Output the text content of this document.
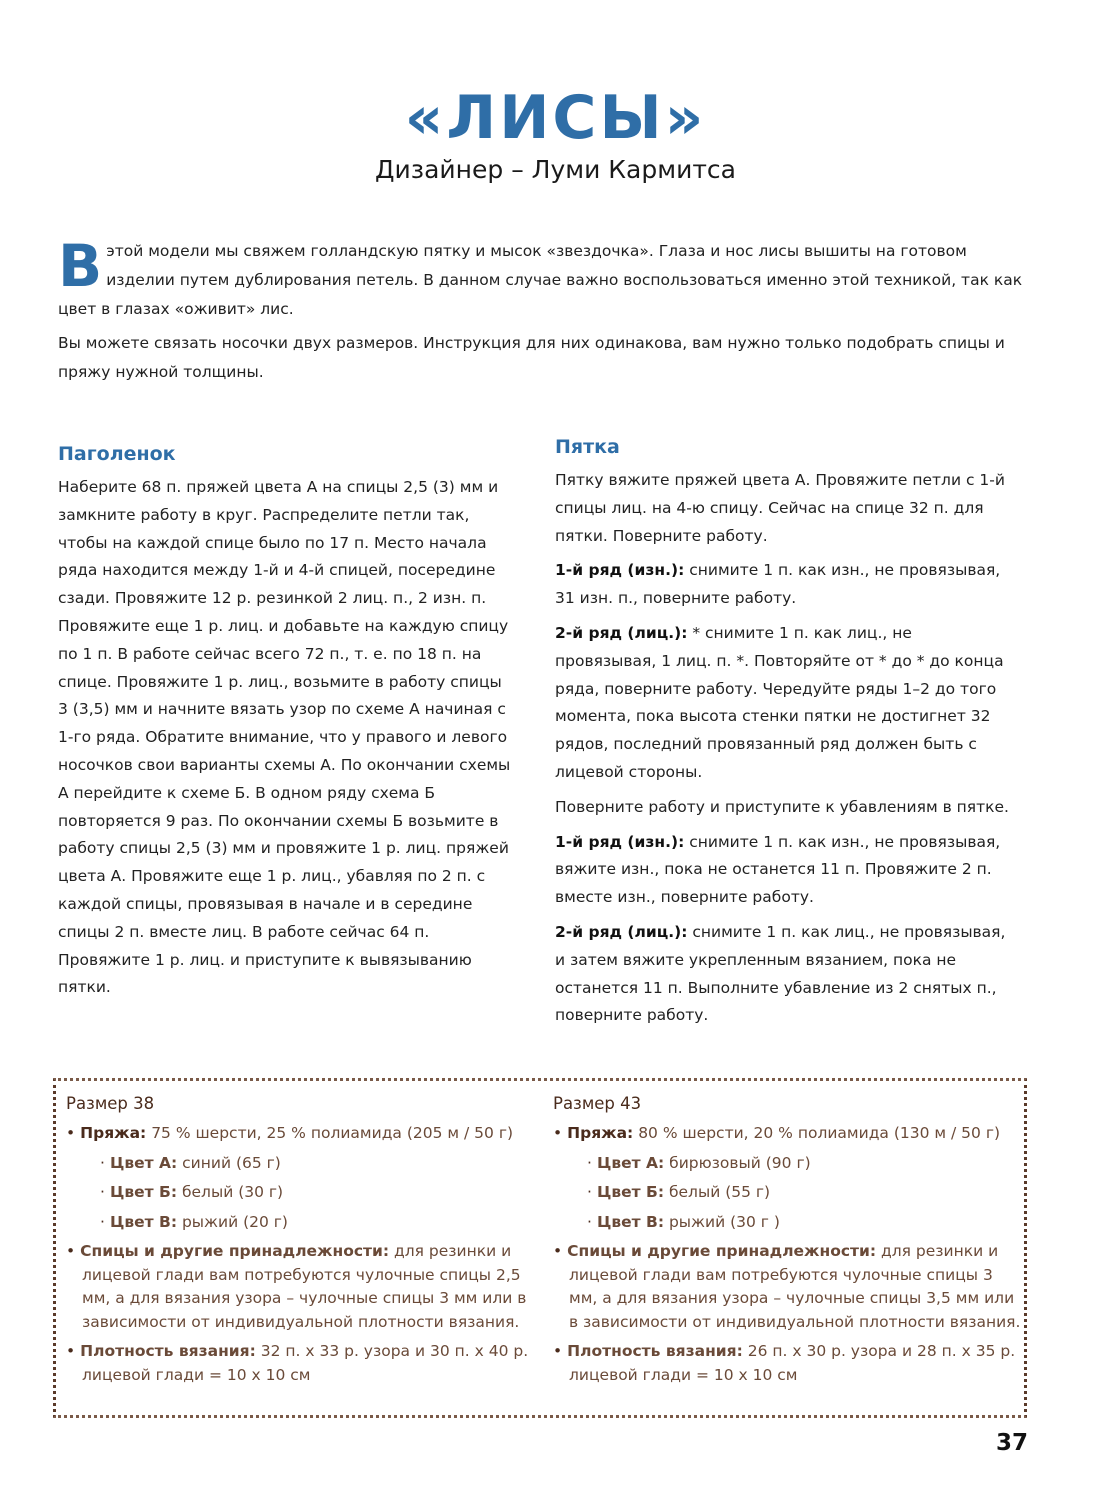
«ЛИСЫ»
Дизайнер – Луми Кармитса

В этой модели мы свяжем голландскую пятку и мысок «звездочка». Глаза и нос лисы вышиты на готовом изделии путем дублирования петель. В данном случае важно воспользоваться именно этой техникой, так как цвет в глазах «оживит» лис.

Вы можете связать носочки двух размеров. Инструкция для них одинакова, вам нужно только подобрать спицы и пряжу нужной толщины.

Паголенок

Наберите 68 п. пряжей цвета А на спицы 2,5 (3) мм и замкните работу в круг. Распределите петли так, чтобы на каждой спице было по 17 п. Место начала ряда находится между 1-й и 4-й спицей, посередине сзади. Провяжите 12 р. резинкой 2 лиц. п., 2 изн. п. Провяжите еще 1 р. лиц. и добавьте на каждую спицу по 1 п. В работе сейчас всего 72 п., т. е. по 18 п. на спице. Провяжите 1 р. лиц., возьмите в работу спицы 3 (3,5) мм и начните вязать узор по схеме А начиная с 1-го ряда. Обратите внимание, что у правого и левого носочков свои варианты схемы А. По окончании схемы А перейдите к схеме Б. В одном ряду схема Б повторяется 9 раз. По окончании схемы Б возьмите в работу спицы 2,5 (3) мм и провяжите 1 р. лиц. пряжей цвета А. Провяжите еще 1 р. лиц., убавляя по 2 п. с каждой спицы, провязывая в начале и в середине спицы 2 п. вместе лиц. В работе сейчас 64 п. Провяжите 1 р. лиц. и приступите к вывязыванию пятки.

Пятка

Пятку вяжите пряжей цвета А. Провяжите петли с 1-й спицы лиц. на 4-ю спицу. Сейчас на спице 32 п. для пятки. Поверните работу.

1-й ряд (изн.): снимите 1 п. как изн., не провязывая, 31 изн. п., поверните работу.

2-й ряд (лиц.): * снимите 1 п. как лиц., не провязывая, 1 лиц. п. *. Повторяйте от * до * до конца ряда, поверните работу. Чередуйте ряды 1–2 до того момента, пока высота стенки пятки не достигнет 32 рядов, последний провязанный ряд должен быть с лицевой стороны.

Поверните работу и приступите к убавлениям в пятке.

1-й ряд (изн.): снимите 1 п. как изн., не провязывая, вяжите изн., пока не останется 11 п. Провяжите 2 п. вместе изн., поверните работу.

2-й ряд (лиц.): снимите 1 п. как лиц., не провязывая, и затем вяжите укрепленным вязанием, пока не останется 11 п. Выполните убавление из 2 снятых п., поверните работу.

Размер 38
• Пряжа: 75 % шерсти, 25 % полиамида (205 м / 50 г)
· Цвет А: синий (65 г)
· Цвет Б: белый (30 г)
· Цвет В: рыжий (20 г)
• Спицы и другие принадлежности: для резинки и лицевой глади вам потребуются чулочные спицы 2,5 мм, а для вязания узора – чулочные спицы 3 мм или в зависимости от индивидуальной плотности вязания.
• Плотность вязания: 32 п. х 33 р. узора и 30 п. х 40 р. лицевой глади = 10 х 10 см
Размер 43
• Пряжа: 80 % шерсти, 20 % полиамида (130 м / 50 г)
· Цвет А: бирюзовый (90 г)
· Цвет Б: белый (55 г)
· Цвет В: рыжий (30 г )
• Спицы и другие принадлежности: для резинки и лицевой глади вам потребуются чулочные спицы 3 мм, а для вязания узора – чулочные спицы 3,5 мм или в зависимости от индивидуальной плотности вязания.
• Плотность вязания: 26 п. х 30 р. узора и 28 п. х 35 р. лицевой глади = 10 х 10 см
37
